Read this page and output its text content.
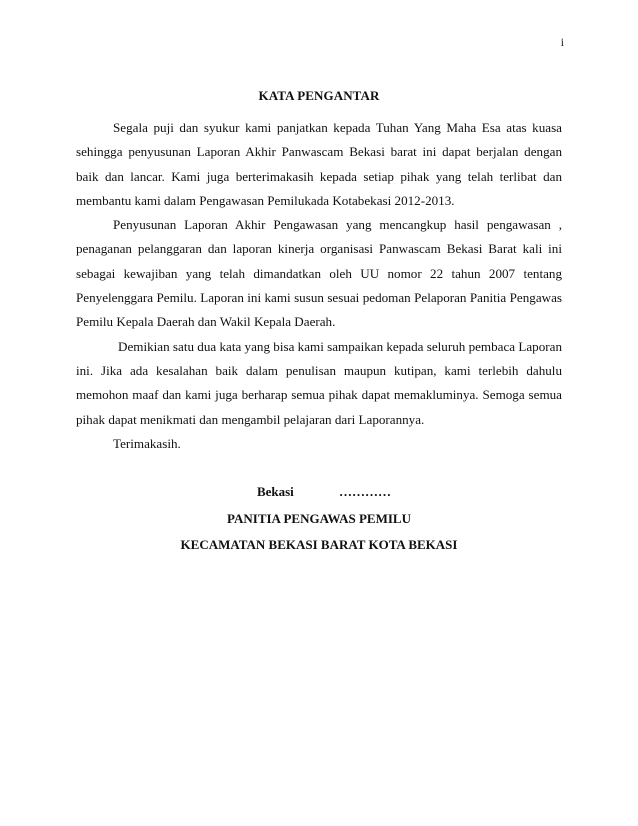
i
KATA PENGANTAR

Segala puji dan syukur kami panjatkan kepada Tuhan Yang Maha Esa atas kuasa sehingga penyusunan Laporan Akhir Panwascam Bekasi barat ini dapat berjalan dengan baik dan lancar. Kami juga berterimakasih kepada setiap pihak yang telah terlibat dan membantu kami dalam Pengawasan Pemilukada Kotabekasi 2012-2013.

Penyusunan Laporan Akhir Pengawasan yang mencangkup hasil pengawasan , penaganan pelanggaran dan laporan kinerja organisasi Panwascam Bekasi Barat kali ini sebagai kewajiban yang telah dimandatkan oleh UU nomor 22 tahun 2007 tentang Penyelenggara Pemilu. Laporan ini kami susun sesuai pedoman Pelaporan Panitia Pengawas Pemilu Kepala Daerah dan Wakil Kepala Daerah.

Demikian satu dua kata yang bisa kami sampaikan kepada seluruh pembaca Laporan ini. Jika ada kesalahan baik dalam penulisan maupun kutipan, kami terlebih dahulu memohon maaf dan kami juga berharap semua pihak dapat memakluminya. Semoga semua pihak dapat menikmati dan mengambil pelajaran dari Laporannya.

Terimakasih.

Bekasi	…………
PANITIA PENGAWAS PEMILU
KECAMATAN BEKASI BARAT KOTA BEKASI
